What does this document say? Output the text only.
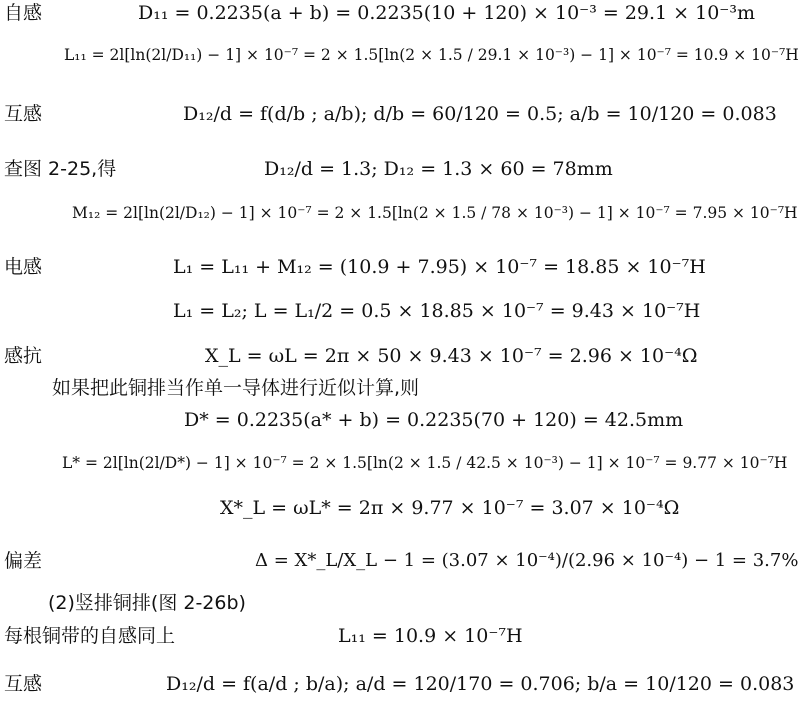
自感	D₁₁ = 0.2235(a + b) = 0.2235(10 + 120) × 10⁻³ = 29.1 × 10⁻³m
L₁₁ = 2l[ln(2l/D₁₁) − 1] × 10⁻⁷ = 2 × 1.5[ln(2 × 1.5 / 29.1 × 10⁻³) − 1] × 10⁻⁷ = 10.9 × 10⁻⁷H
互感	D₁₂/d = f(d/b ; a/b); d/b = 60/120 = 0.5; a/b = 10/120 = 0.083
查图 2-25,得	D₁₂/d = 1.3; D₁₂ = 1.3 × 60 = 78mm
M₁₂ = 2l[ln(2l/D₁₂) − 1] × 10⁻⁷ = 2 × 1.5[ln(2 × 1.5 / 78 × 10⁻³) − 1] × 10⁻⁷ = 7.95 × 10⁻⁷H
电感	L₁ = L₁₁ + M₁₂ = (10.9 + 7.95) × 10⁻⁷ = 18.85 × 10⁻⁷H
L₁ = L₂; L = L₁/2 = 0.5 × 18.85 × 10⁻⁷ = 9.43 × 10⁻⁷H
感抗	X_L = ωL = 2π × 50 × 9.43 × 10⁻⁷ = 2.96 × 10⁻⁴Ω
如果把此铜排当作单一导体进行近似计算,则
D* = 0.2235(a* + b) = 0.2235(70 + 120) = 42.5mm
L* = 2l[ln(2l/D*) − 1] × 10⁻⁷ = 2 × 1.5[ln(2 × 1.5 / 42.5 × 10⁻³) − 1] × 10⁻⁷ = 9.77 × 10⁻⁷H
X*_L = ωL* = 2π × 9.77 × 10⁻⁷ = 3.07 × 10⁻⁴Ω
偏差	Δ = X*_L/X_L − 1 = (3.07 × 10⁻⁴)/(2.96 × 10⁻⁴) − 1 = 3.7%
(2)竖排铜排(图 2-26b)
每根铜带的自感同上	L₁₁ = 10.9 × 10⁻⁷H
互感	D₁₂/d = f(a/d ; b/a); a/d = 120/170 = 0.706; b/a = 10/120 = 0.083
